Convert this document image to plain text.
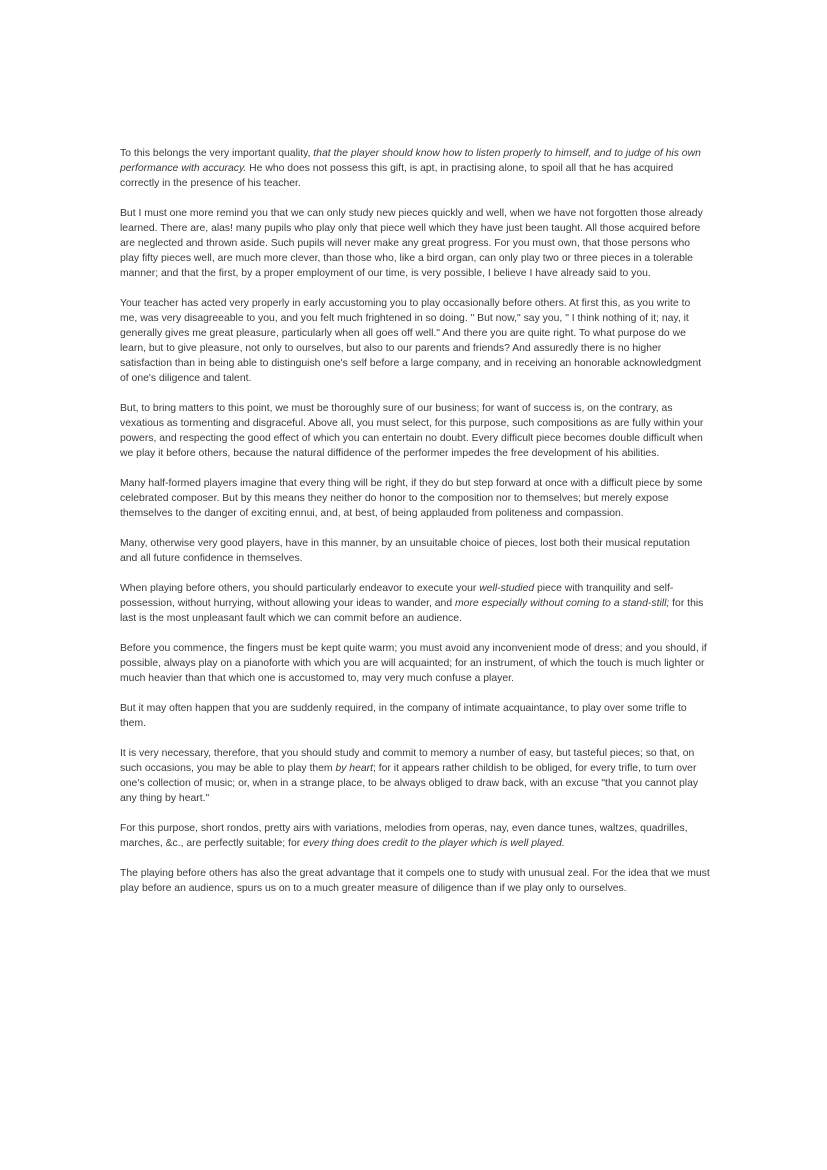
To this belongs the very important quality, that the player should know how to listen properly to himself, and to judge of his own performance with accuracy. He who does not possess this gift, is apt, in practising alone, to spoil all that he has acquired correctly in the presence of his teacher.

But I must one more remind you that we can only study new pieces quickly and well, when we have not forgotten those already learned. There are, alas! many pupils who play only that piece well which they have just been taught. All those acquired before are neglected and thrown aside. Such pupils will never make any great progress. For you must own, that those persons who play fifty pieces well, are much more clever, than those who, like a bird organ, can only play two or three pieces in a tolerable manner; and that the first, by a proper employment of our time, is very possible, I believe I have already said to you.

Your teacher has acted very properly in early accustoming you to play occasionally before others. At first this, as you write to me, was very disagreeable to you, and you felt much frightened in so doing. " But now," say you, " I think nothing of it; nay, it generally gives me great pleasure, particularly when all goes off well." And there you are quite right. To what purpose do we learn, but to give pleasure, not only to ourselves, but also to our parents and friends? And assuredly there is no higher satisfaction than in being able to distinguish one's self before a large company, and in receiving an honorable acknowledgment of one's diligence and talent.

But, to bring matters to this point, we must be thoroughly sure of our business; for want of success is, on the contrary, as vexatious as tormenting and disgraceful. Above all, you must select, for this purpose, such compositions as are fully within your powers, and respecting the good effect of which you can entertain no doubt. Every difficult piece becomes double difficult when we play it before others, because the natural diffidence of the performer impedes the free development of his abilities.

Many half-formed players imagine that every thing will be right, if they do but step forward at once with a difficult piece by some celebrated composer. But by this means they neither do honor to the composition nor to themselves; but merely expose themselves to the danger of exciting ennui, and, at best, of being applauded from politeness and compassion.

Many, otherwise very good players, have in this manner, by an unsuitable choice of pieces, lost both their musical reputation and all future confidence in themselves.

When playing before others, you should particularly endeavor to execute your well-studied piece with tranquility and self-possession, without hurrying, without allowing your ideas to wander, and more especially without coming to a stand-still; for this last is the most unpleasant fault which we can commit before an audience.

Before you commence, the fingers must be kept quite warm; you must avoid any inconvenient mode of dress; and you should, if possible, always play on a pianoforte with which you are will acquainted; for an instrument, of which the touch is much lighter or much heavier than that which one is accustomed to, may very much confuse a player.

But it may often happen that you are suddenly required, in the company of intimate acquaintance, to play over some trifle to them.

It is very necessary, therefore, that you should study and commit to memory a number of easy, but tasteful pieces; so that, on such occasions, you may be able to play them by heart; for it appears rather childish to be obliged, for every trifle, to turn over one's collection of music; or, when in a strange place, to be always obliged to draw back, with an excuse "that you cannot play any thing by heart."

For this purpose, short rondos, pretty airs with variations, melodies from operas, nay, even dance tunes, waltzes, quadrilles, marches, &c., are perfectly suitable; for every thing does credit to the player which is well played.

The playing before others has also the great advantage that it compels one to study with unusual zeal. For the idea that we must play before an audience, spurs us on to a much greater measure of diligence than if we play only to ourselves.
